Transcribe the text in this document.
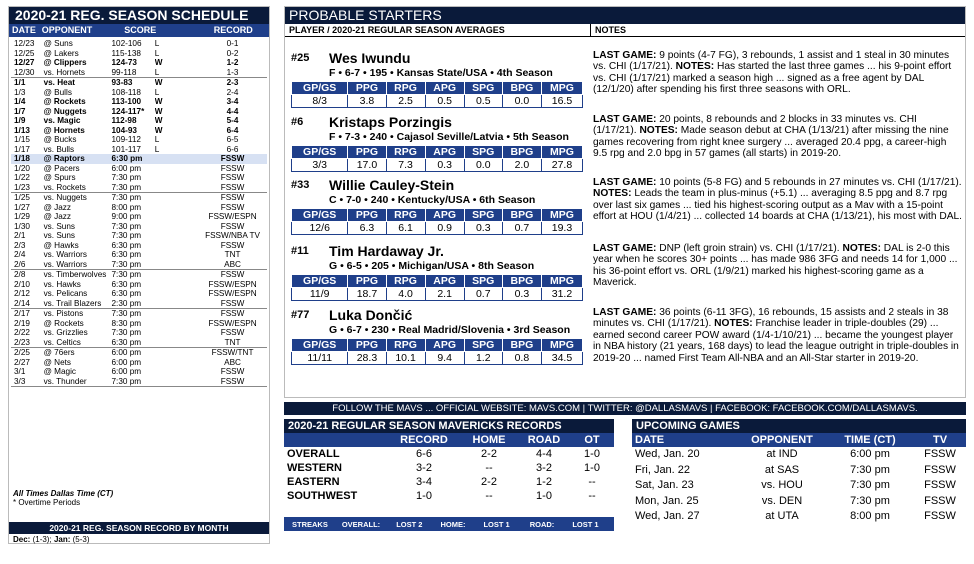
2020-21 REG. SEASON SCHEDULE
DATE OPPONENT	SCORE	RECORD
12/23	@ Suns	102-106	L	0-1
12/25	@ Lakers	115-138	L	0-2
12/27	@ Clippers	124-73	W	1-2
12/30	vs. Hornets	99-118	L	1-3
1/1	vs. Heat	93-83	W	2-3
1/3	@ Bulls	108-118	L	2-4
1/4	@ Rockets	113-100	W	3-4
1/7	@ Nuggets	124-117*	W	4-4
1/9	vs. Magic	112-98	W	5-4
1/13	@ Hornets	104-93	W	6-4
1/15	@ Bucks	109-112	L	6-5
1/17	vs. Bulls	101-117	L	6-6
1/18	@ Raptors	6:30 pm	FSSW
1/20	@ Pacers	6:00 pm	FSSW
1/22	@ Spurs	7:30 pm	FSSW
1/23	vs. Rockets	7:30 pm	FSSW
1/25	vs. Nuggets	7:30 pm	FSSW
1/27	@ Jazz	8:00 pm	FSSW
1/29	@ Jazz	9:00 pm	FSSW/ESPN
1/30	vs. Suns	7:30 pm	FSSW
2/1	vs. Suns	7:30 pm	FSSW/NBA TV
2/3	@ Hawks	6:30 pm	FSSW
2/4	vs. Warriors	6:30 pm	TNT
2/6	vs. Warriors	7:30 pm	ABC
2/8	vs. Timberwolves 7:30 pm	FSSW
2/10	vs. Hawks	6:30 pm	FSSW/ESPN
2/12	vs. Pelicans	6:30 pm	FSSW/ESPN
2/14	vs. Trail Blazers	2:30 pm	FSSW
2/17	vs. Pistons	7:30 pm	FSSW
2/19	@ Rockets	8:30 pm	FSSW/ESPN
2/22	vs. Grizzlies	7:30 pm	FSSW
2/23	vs. Celtics	6:30 pm	TNT
2/25	@ 76ers	6:00 pm	FSSW/TNT
2/27	@ Nets	6:00 pm	ABC
3/1	@ Magic	6:00 pm	FSSW
3/3	vs. Thunder	7:30 pm	FSSW
All Times Dallas Time (CT)
* Overtime Periods
2020-21 REG. SEASON RECORD BY MONTH
Dec: (1-3); Jan: (5-3)
PROBABLE STARTERS
PLAYER / 2020-21 REGULAR SEASON AVERAGES	NOTES
#25 Wes Iwundu
F • 6-7 • 195 • Kansas State/USA • 4th Season
GP/GS	PPG	RPG	APG	SPG	BPG	MPG
8/3	3.8	2.5	0.5	0.5	0.0	16.5
LAST GAME: 9 points (4-7 FG), 3 rebounds, 1 assist and 1 steal in 30 minutes vs. CHI (1/17/21). NOTES: Has started the last three games ... his 9-point effort vs. CHI (1/17/21) marked a season high ... signed as a free agent by DAL (12/1/20) after spending his first three seasons with ORL.
#6 Kristaps Porzingis
F • 7-3 • 240 • Cajasol Seville/Latvia • 5th Season
GP/GS	PPG	RPG	APG	SPG	BPG	MPG
3/3	17.0	7.3	0.3	0.0	2.0	27.8
LAST GAME: 20 points, 8 rebounds and 2 blocks in 33 minutes vs. CHI (1/17/21). NOTES: Made season debut at CHA (1/13/21) after missing the nine games recovering from right knee surgery ... averaged 20.4 ppg, a career-high 9.5 rpg and 2.0 bpg in 57 games (all starts) in 2019-20.
#33 Willie Cauley-Stein
C • 7-0 • 240 • Kentucky/USA • 6th Season
GP/GS	PPG	RPG	APG	SPG	BPG	MPG
12/6	6.3	6.1	0.9	0.3	0.7	19.3
LAST GAME: 10 points (5-8 FG) and 5 rebounds in 27 minutes vs. CHI (1/17/21). NOTES: Leads the team in plus-minus (+5.1) ... averaging 8.5 ppg and 8.7 rpg over last six games ... tied his highest-scoring output as a Mav with a 15-point effort at HOU (1/4/21) ... collected 14 boards at CHA (1/13/21), his most with DAL.
#11 Tim Hardaway Jr.
G • 6-5 • 205 • Michigan/USA • 8th Season
GP/GS	PPG	RPG	APG	SPG	BPG	MPG
11/9	18.7	4.0	2.1	0.7	0.3	31.2
LAST GAME: DNP (left groin strain) vs. CHI (1/17/21). NOTES: DAL is 2-0 this year when he scores 30+ points ... has made 986 3FG and needs 14 for 1,000 ... his 36-point effort vs. ORL (1/9/21) marked his highest-scoring game as a Maverick.
#77 Luka Dončić
G • 6-7 • 230 • Real Madrid/Slovenia • 3rd Season
GP/GS	PPG	RPG	APG	SPG	BPG	MPG
11/11	28.3	10.1	9.4	1.2	0.8	34.5
LAST GAME: 36 points (6-11 3FG), 16 rebounds, 15 assists and 2 steals in 38 minutes vs. CHI (1/17/21). NOTES: Franchise leader in triple-doubles (29) ... earned second career POW award (1/4-1/10/21) ... became the youngest player in NBA history (21 years, 168 days) to lead the league outright in triple-doubles in 2019-20 ... named First Team All-NBA and an All-Star starter in 2019-20.
FOLLOW THE MAVS ... OFFICIAL WEBSITE: MAVS.COM | TWITTER: @DALLASMAVS | FACEBOOK: FACEBOOK.COM/DALLASMAVS.
2020-21 REGULAR SEASON MAVERICKS RECORDS
RECORD	HOME	ROAD	OT
OVERALL	6-6	2-2	4-4	1-0
WESTERN	3-2	--	3-2	1-0
EASTERN	3-4	2-2	1-2	--
SOUTHWEST	1-0	--	1-0	--
STREAKS OVERALL: LOST 2 HOME: LOST 1	ROAD: LOST 1
UPCOMING GAMES
DATE	OPPONENT	TIME (CT)	TV
Wed, Jan. 20	at IND	6:00 pm	FSSW
Fri, Jan. 22	at SAS	7:30 pm	FSSW
Sat, Jan. 23	vs. HOU	7:30 pm	FSSW
Mon, Jan. 25	vs. DEN	7:30 pm	FSSW
Wed, Jan. 27	at UTA	8:00 pm	FSSW
